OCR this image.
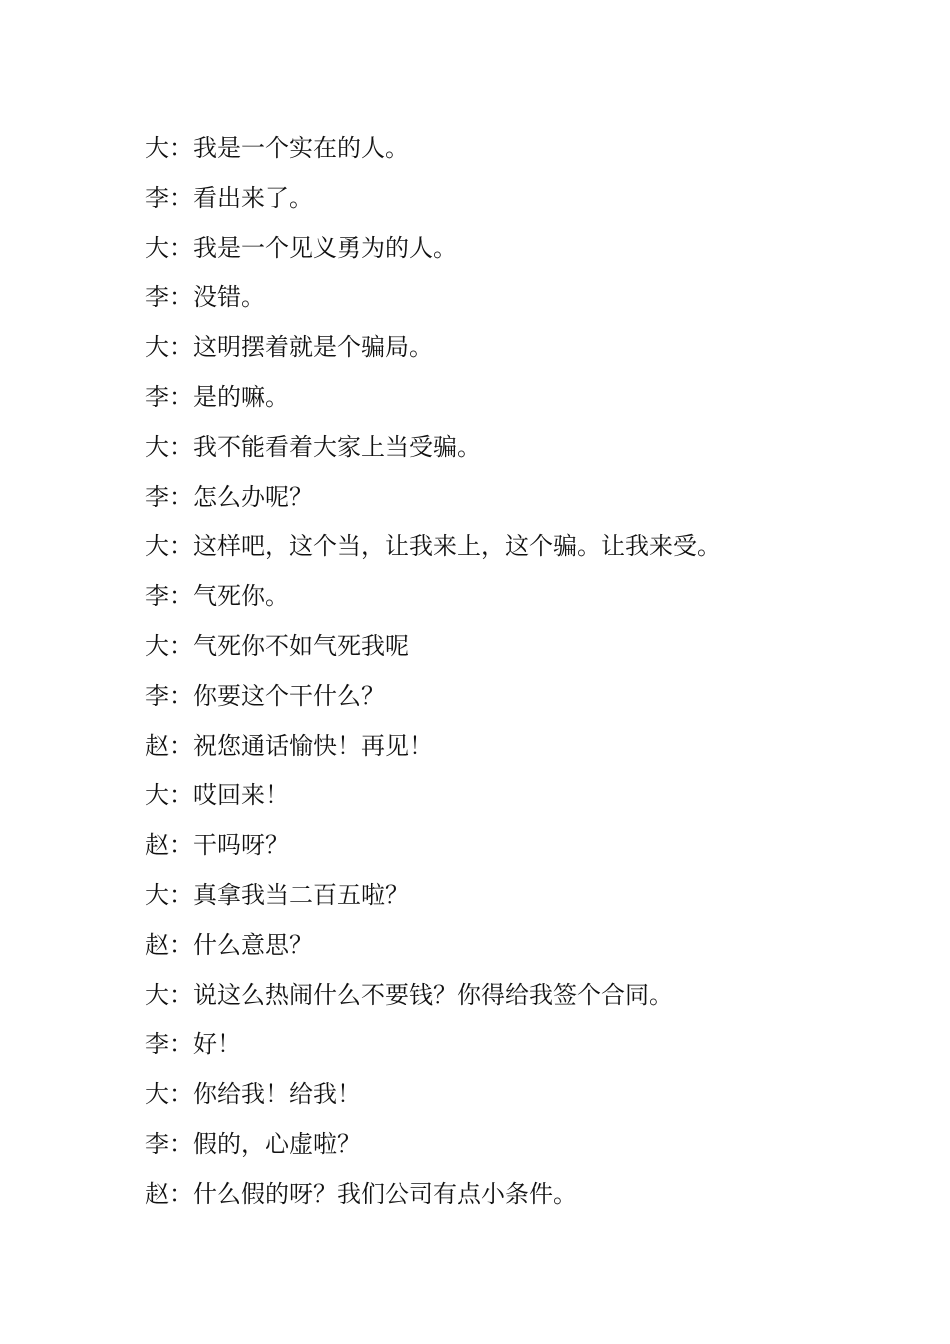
大： 我是一个实在的人。
李： 看出来了。
大： 我是一个见义勇为的人。
李： 没错。
大： 这明摆着就是个骗局。
李： 是的嘛。
大： 我不能看着大家上当受骗。
李： 怎么办呢？
大： 这样吧，这个当，让我来上，这个骗。让我来受。
李： 气死你。
大： 气死你不如气死我呢
李： 你要这个干什么？
赵： 祝您通话愉快！再见！
大： 哎回来！
赵： 干吗呀？
大： 真拿我当二百五啦？
赵： 什么意思？
大： 说这么热闹什么不要钱？你得给我签个合同。
李： 好！
大： 你给我！给我！
李： 假的，心虚啦？
赵： 什么假的呀？我们公司有点小条件。
